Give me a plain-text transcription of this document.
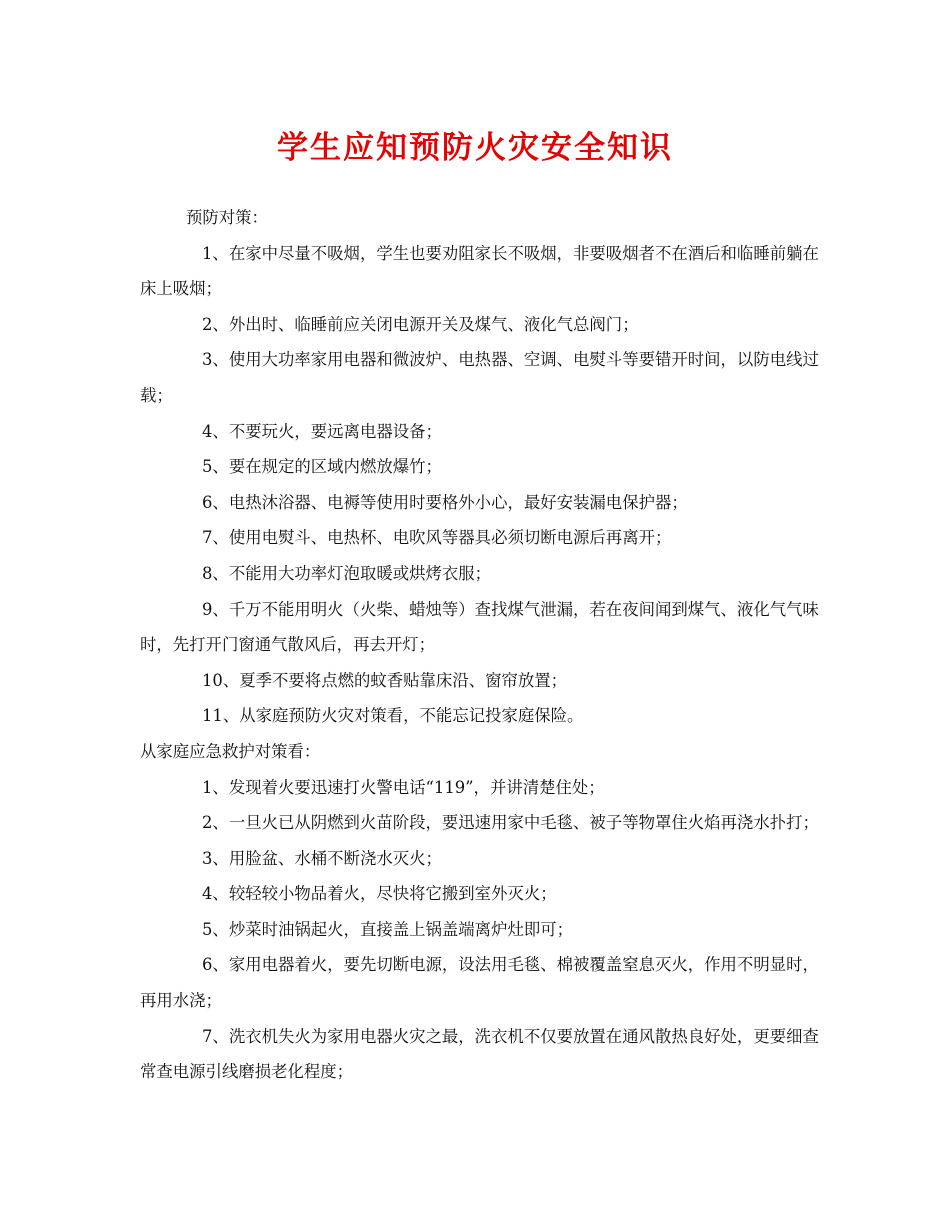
学生应知预防火灾安全知识

预防对策：

1、在家中尽量不吸烟，学生也要劝阻家长不吸烟，非要吸烟者不在酒后和临睡前躺在床上吸烟；

2、外出时、临睡前应关闭电源开关及煤气、液化气总阀门；

3、使用大功率家用电器和微波炉、电热器、空调、电熨斗等要错开时间，以防电线过载；

4、不要玩火，要远离电器设备；

5、要在规定的区域内燃放爆竹；

6、电热沐浴器、电褥等使用时要格外小心，最好安装漏电保护器；

7、使用电熨斗、电热杯、电吹风等器具必须切断电源后再离开；

8、不能用大功率灯泡取暖或烘烤衣服；

9、千万不能用明火（火柴、蜡烛等）查找煤气泄漏，若在夜间闻到煤气、液化气气味时，先打开门窗通气散风后，再去开灯；

10、夏季不要将点燃的蚊香贴靠床沿、窗帘放置；

11、从家庭预防火灾对策看，不能忘记投家庭保险。

从家庭应急救护对策看：

1、发现着火要迅速打火警电话“119”，并讲清楚住处；

2、一旦火已从阴燃到火苗阶段，要迅速用家中毛毯、被子等物罩住火焰再浇水扑打；

3、用脸盆、水桶不断浇水灭火；

4、较轻较小物品着火，尽快将它搬到室外灭火；

5、炒菜时油锅起火，直接盖上锅盖端离炉灶即可；

6、家用电器着火，要先切断电源，设法用毛毯、棉被覆盖窒息灭火，作用不明显时，再用水浇；

7、洗衣机失火为家用电器火灾之最，洗衣机不仅要放置在通风散热良好处，更要细查常查电源引线磨损老化程度；
